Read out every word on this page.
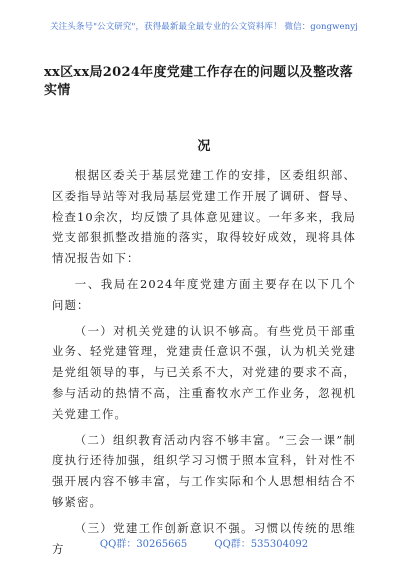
关注头条号"公文研究"，获得最新最全最专业的公文资料库！ 微信：gongwenyj
xx区xx局2024年度党建工作存在的问题以及整改落实情
况

根据区委关于基层党建工作的安排，区委组织部、区委指导站等对我局基层党建工作开展了调研、督导、检查10余次，均反馈了具体意见建议。一年多来，我局党支部狠抓整改措施的落实，取得较好成效，现将具体情况报告如下：

一、我局在2024年度党建方面主要存在以下几个问题：

（一）对机关党建的认识不够高。有些党员干部重业务、轻党建管理，党建责任意识不强，认为机关党建是党组领导的事，与已关系不大，对党建的要求不高，参与活动的热情不高，注重畜牧水产工作业务，忽视机关党建工作。

（二）组织教育活动内容不够丰富。“三会一课”制度执行还待加强，组织学习习惯于照本宣科，针对性不强开展内容不够丰富，与工作实际和个人思想相结合不够紧密。

（三）党建工作创新意识不强。习惯以传统的思维方	QQ群：30265665	QQ群：535304092
